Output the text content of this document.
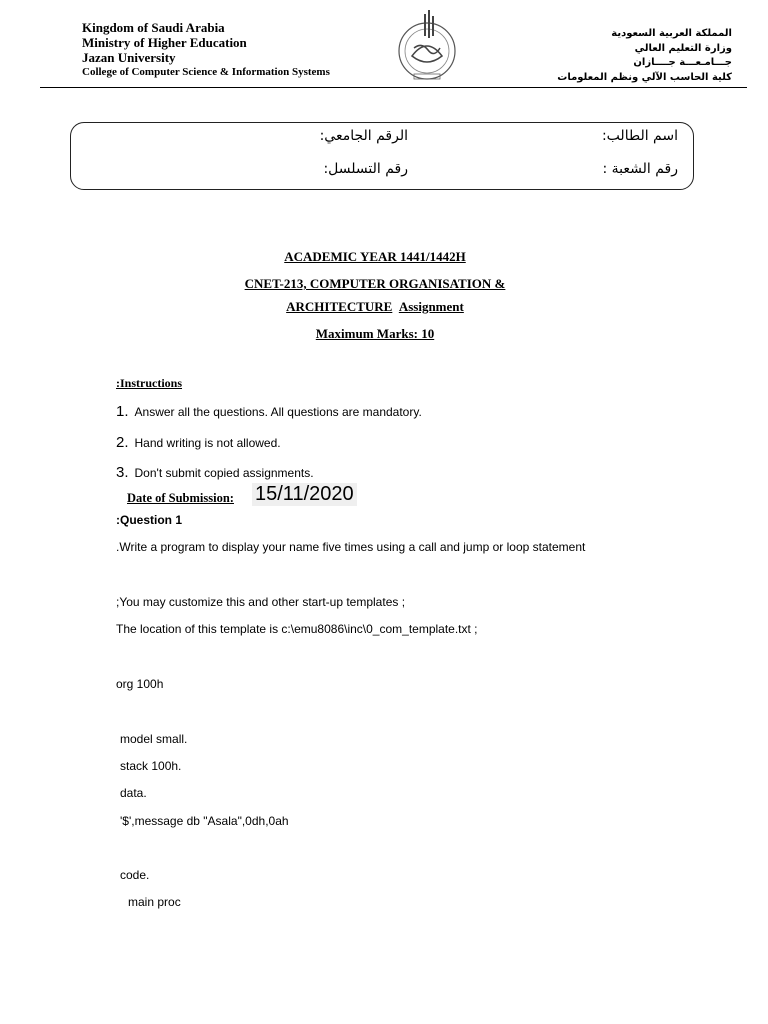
Kingdom of Saudi Arabia
Ministry of Higher Education
Jazan University
College of Computer Science & Information Systems
المملكة العربية السعودية
وزارة التعليم العالي
جـــامـعـــة جــــازان
كلية الحاسب الآلي ونظم المعلومات
اسم الطالب:
الرقم الجامعي:
رقم الشعبة :
رقم التسلسل:
ACADEMIC YEAR 1441/1442H
CNET-213, COMPUTER ORGANISATION &
ARCHITECTURE Assignment
Maximum Marks: 10
:Instructions
1. Answer all the questions. All questions are mandatory.
2. Hand writing is not allowed.
3. Don't submit copied assignments.
Date of Submission: 15/11/2020
:Question 1
.Write a program to display your name five times using a call and jump or loop statement
;You may customize this and other start-up templates ;
The location of this template is c:\emu8086\inc\0_com_template.txt ;
org 100h
model small.
stack 100h.
data.
'$',message db "Asala",0dh,0ah
code.
main proc
